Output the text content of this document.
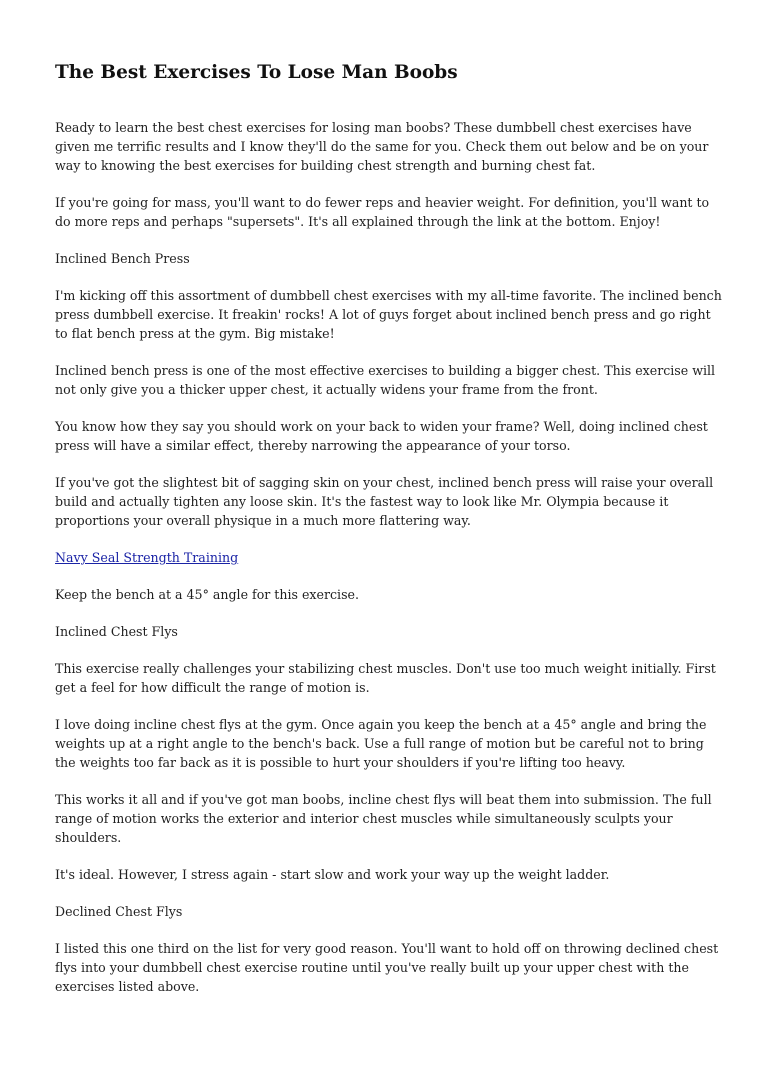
The Best Exercises To Lose Man Boobs

Ready to learn the best chest exercises for losing man boobs? These dumbbell chest exercises have given me terrific results and I know they'll do the same for you. Check them out below and be on your way to knowing the best exercises for building chest strength and burning chest fat.

If you're going for mass, you'll want to do fewer reps and heavier weight. For definition, you'll want to do more reps and perhaps "supersets". It's all explained through the link at the bottom. Enjoy!

Inclined Bench Press

I'm kicking off this assortment of dumbbell chest exercises with my all-time favorite. The inclined bench press dumbbell exercise. It freakin' rocks! A lot of guys forget about inclined bench press and go right to flat bench press at the gym. Big mistake!

Inclined bench press is one of the most effective exercises to building a bigger chest. This exercise will not only give you a thicker upper chest, it actually widens your frame from the front.

You know how they say you should work on your back to widen your frame? Well, doing inclined chest press will have a similar effect, thereby narrowing the appearance of your torso.

If you've got the slightest bit of sagging skin on your chest, inclined bench press will raise your overall build and actually tighten any loose skin. It's the fastest way to look like Mr. Olympia because it proportions your overall physique in a much more flattering way.

Navy Seal Strength Training

Keep the bench at a 45° angle for this exercise.

Inclined Chest Flys

This exercise really challenges your stabilizing chest muscles. Don't use too much weight initially. First get a feel for how difficult the range of motion is.

I love doing incline chest flys at the gym. Once again you keep the bench at a 45° angle and bring the weights up at a right angle to the bench's back. Use a full range of motion but be careful not to bring the weights too far back as it is possible to hurt your shoulders if you're lifting too heavy.

This works it all and if you've got man boobs, incline chest flys will beat them into submission. The full range of motion works the exterior and interior chest muscles while simultaneously sculpts your shoulders.

It's ideal. However, I stress again - start slow and work your way up the weight ladder.

Declined Chest Flys

I listed this one third on the list for very good reason. You'll want to hold off on throwing declined chest flys into your dumbbell chest exercise routine until you've really built up your upper chest with the exercises listed above.
